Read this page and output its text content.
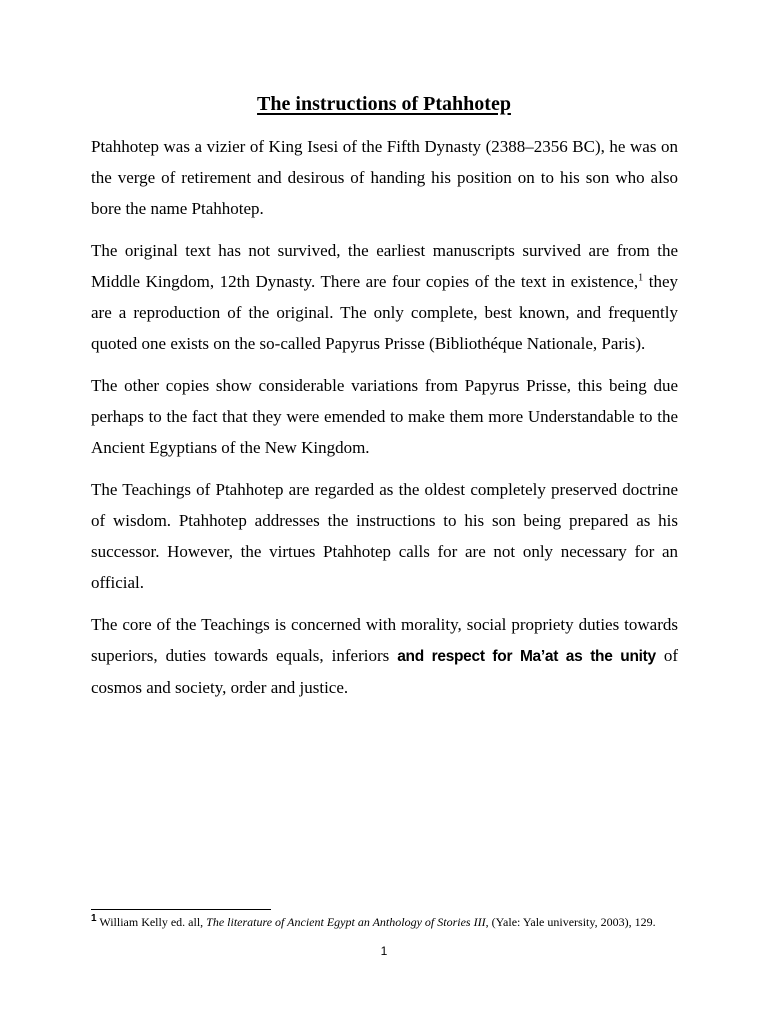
The instructions of Ptahhotep

Ptahhotep was a vizier of King Isesi of the Fifth Dynasty (2388–2356 BC), he was on the verge of retirement and desirous of handing his position on to his son who also bore the name Ptahhotep.

The original text has not survived, the earliest manuscripts survived are from the Middle Kingdom, 12th Dynasty. There are four copies of the text in existence,$^1$ they are a reproduction of the original. The only complete, best known, and frequently quoted one exists on the so-called Papyrus Prisse (Bibliothéque Nationale, Paris).

The other copies show considerable variations from Papyrus Prisse, this being due perhaps to the fact that they were emended to make them more Understandable to the Ancient Egyptians of the New Kingdom.

The Teachings of Ptahhotep are regarded as the oldest completely preserved doctrine of wisdom. Ptahhotep addresses the instructions to his son being prepared as his successor. However, the virtues Ptahhotep calls for are not only necessary for an official.

The core of the Teachings is concerned with morality, social propriety duties towards superiors, duties towards equals, inferiors and respect for Ma’at as the unity of cosmos and society, order and justice.

$^1$ William Kelly ed. all, The literature of Ancient Egypt an Anthology of Stories III, (Yale: Yale university, 2003), 129.
1
